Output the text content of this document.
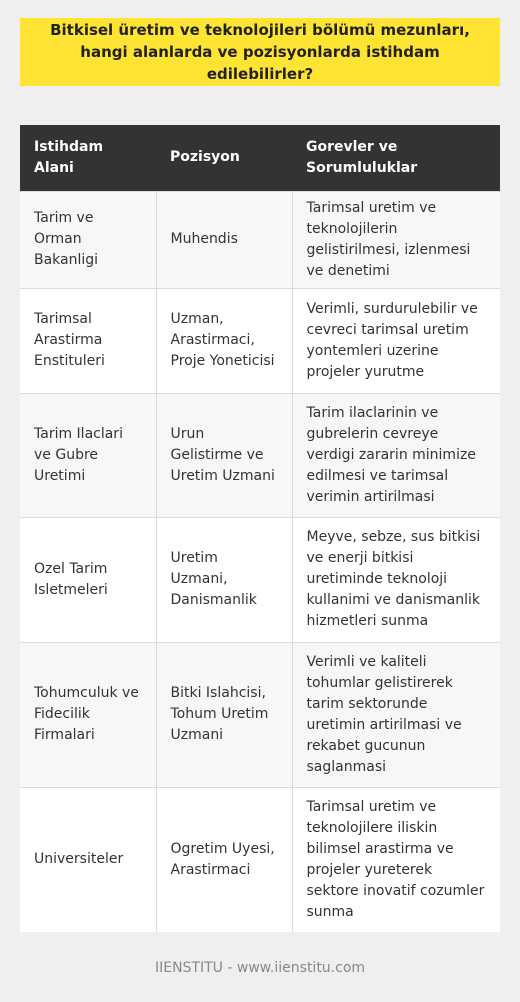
Bitkisel üretim ve teknolojileri bölümü mezunları, hangi alanlarda ve pozisyonlarda istihdam edilebilirler?
Istihdam Alani	Pozisyon	Gorevler ve Sorumluluklar
Tarim ve Orman Bakanligi	Muhendis	Tarimsal uretim ve teknolojilerin gelistirilmesi, izlenmesi ve denetimi
Tarimsal Arastirma Enstituleri	Uzman, Arastirmaci, Proje Yoneticisi	Verimli, surdurulebilir ve cevreci tarimsal uretim yontemleri uzerine projeler yurutme
Tarim Ilaclari ve Gubre Uretimi	Urun Gelistirme ve Uretim Uzmani	Tarim ilaclarinin ve gubrelerin cevreye verdigi zararin minimize edilmesi ve tarimsal verimin artirilmasi
Ozel Tarim Isletmeleri	Uretim Uzmani, Danismanlik	Meyve, sebze, sus bitkisi ve enerji bitkisi uretiminde teknoloji kullanimi ve danismanlik hizmetleri sunma
Tohumculuk ve Fidecilik Firmalari	Bitki Islahcisi, Tohum Uretim Uzmani	Verimli ve kaliteli tohumlar gelistirerek tarim sektorunde uretimin artirilmasi ve rekabet gucunun saglanmasi
Universiteler	Ogretim Uyesi, Arastirmaci	Tarimsal uretim ve teknolojilere iliskin bilimsel arastirma ve projeler yureterek sektore inovatif cozumler sunma
IIENSTITU - www.iienstitu.com
